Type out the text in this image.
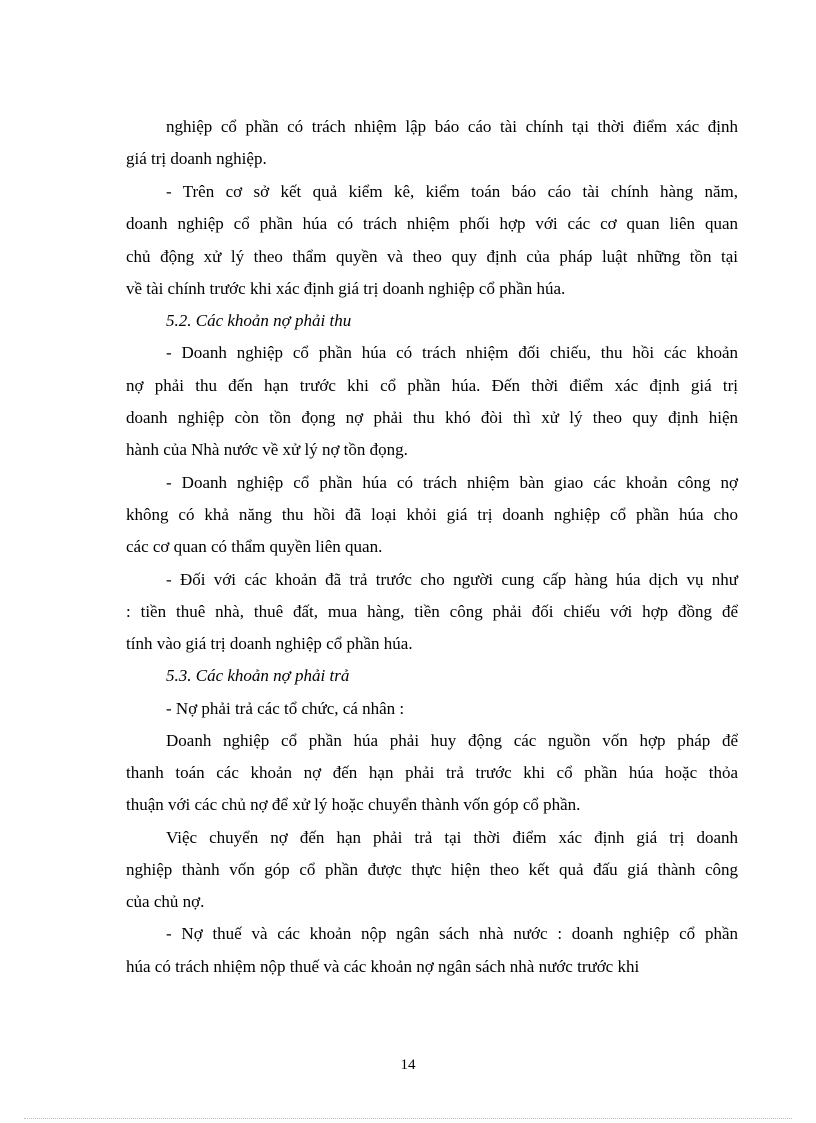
nghiệp cổ phần có trách nhiệm lập báo cáo tài chính tại thời điểm xác định
giá trị doanh nghiệp.
- Trên cơ sở kết quả kiểm kê, kiểm toán báo cáo tài chính hàng năm,
doanh nghiệp cổ phần húa có trách nhiệm phối hợp với các cơ quan liên quan
chủ động xử lý theo thẩm quyền và theo quy định của pháp luật những tồn tại
về tài chính trước khi xác định giá trị doanh nghiệp cổ phần húa.
5.2. Các khoản nợ phải thu
- Doanh nghiệp cổ phần húa có trách nhiệm đối chiếu, thu hồi các khoản
nợ phải thu đến hạn trước khi cổ phần húa. Đến thời điểm xác định giá trị
doanh nghiệp còn tồn đọng nợ phải thu khó đòi thì xử lý theo quy định hiện
hành của Nhà nước về xử lý nợ tồn đọng.
- Doanh nghiệp cổ phần húa có trách nhiệm bàn giao các khoản công nợ
không có khả năng thu hồi đã loại khỏi giá trị doanh nghiệp cổ phần húa cho
các cơ quan có thẩm quyền liên quan.
- Đối với các khoản đã trả trước cho người cung cấp hàng húa dịch vụ như
: tiền thuê nhà, thuê đất, mua hàng, tiền công phải đối chiếu với hợp đồng để
tính vào giá trị doanh nghiệp cổ phần húa.
5.3. Các khoản nợ phải trả
- Nợ phải trả các tổ chức, cá nhân :
Doanh nghiệp cổ phần húa phải huy động các nguồn vốn hợp pháp để
thanh toán các khoản nợ đến hạn phải trả trước khi cổ phần húa hoặc thỏa
thuận với các chủ nợ để xử lý hoặc chuyển thành vốn góp cổ phần.
Việc chuyển nợ đến hạn phải trả tại thời điểm xác định giá trị doanh
nghiệp thành vốn góp cổ phần được thực hiện theo kết quả đấu giá thành công
của chủ nợ.
- Nợ thuế và các khoản nộp ngân sách nhà nước : doanh nghiệp cổ phần
húa có trách nhiệm nộp thuế và các khoản nợ ngân sách nhà nước trước khi
14
